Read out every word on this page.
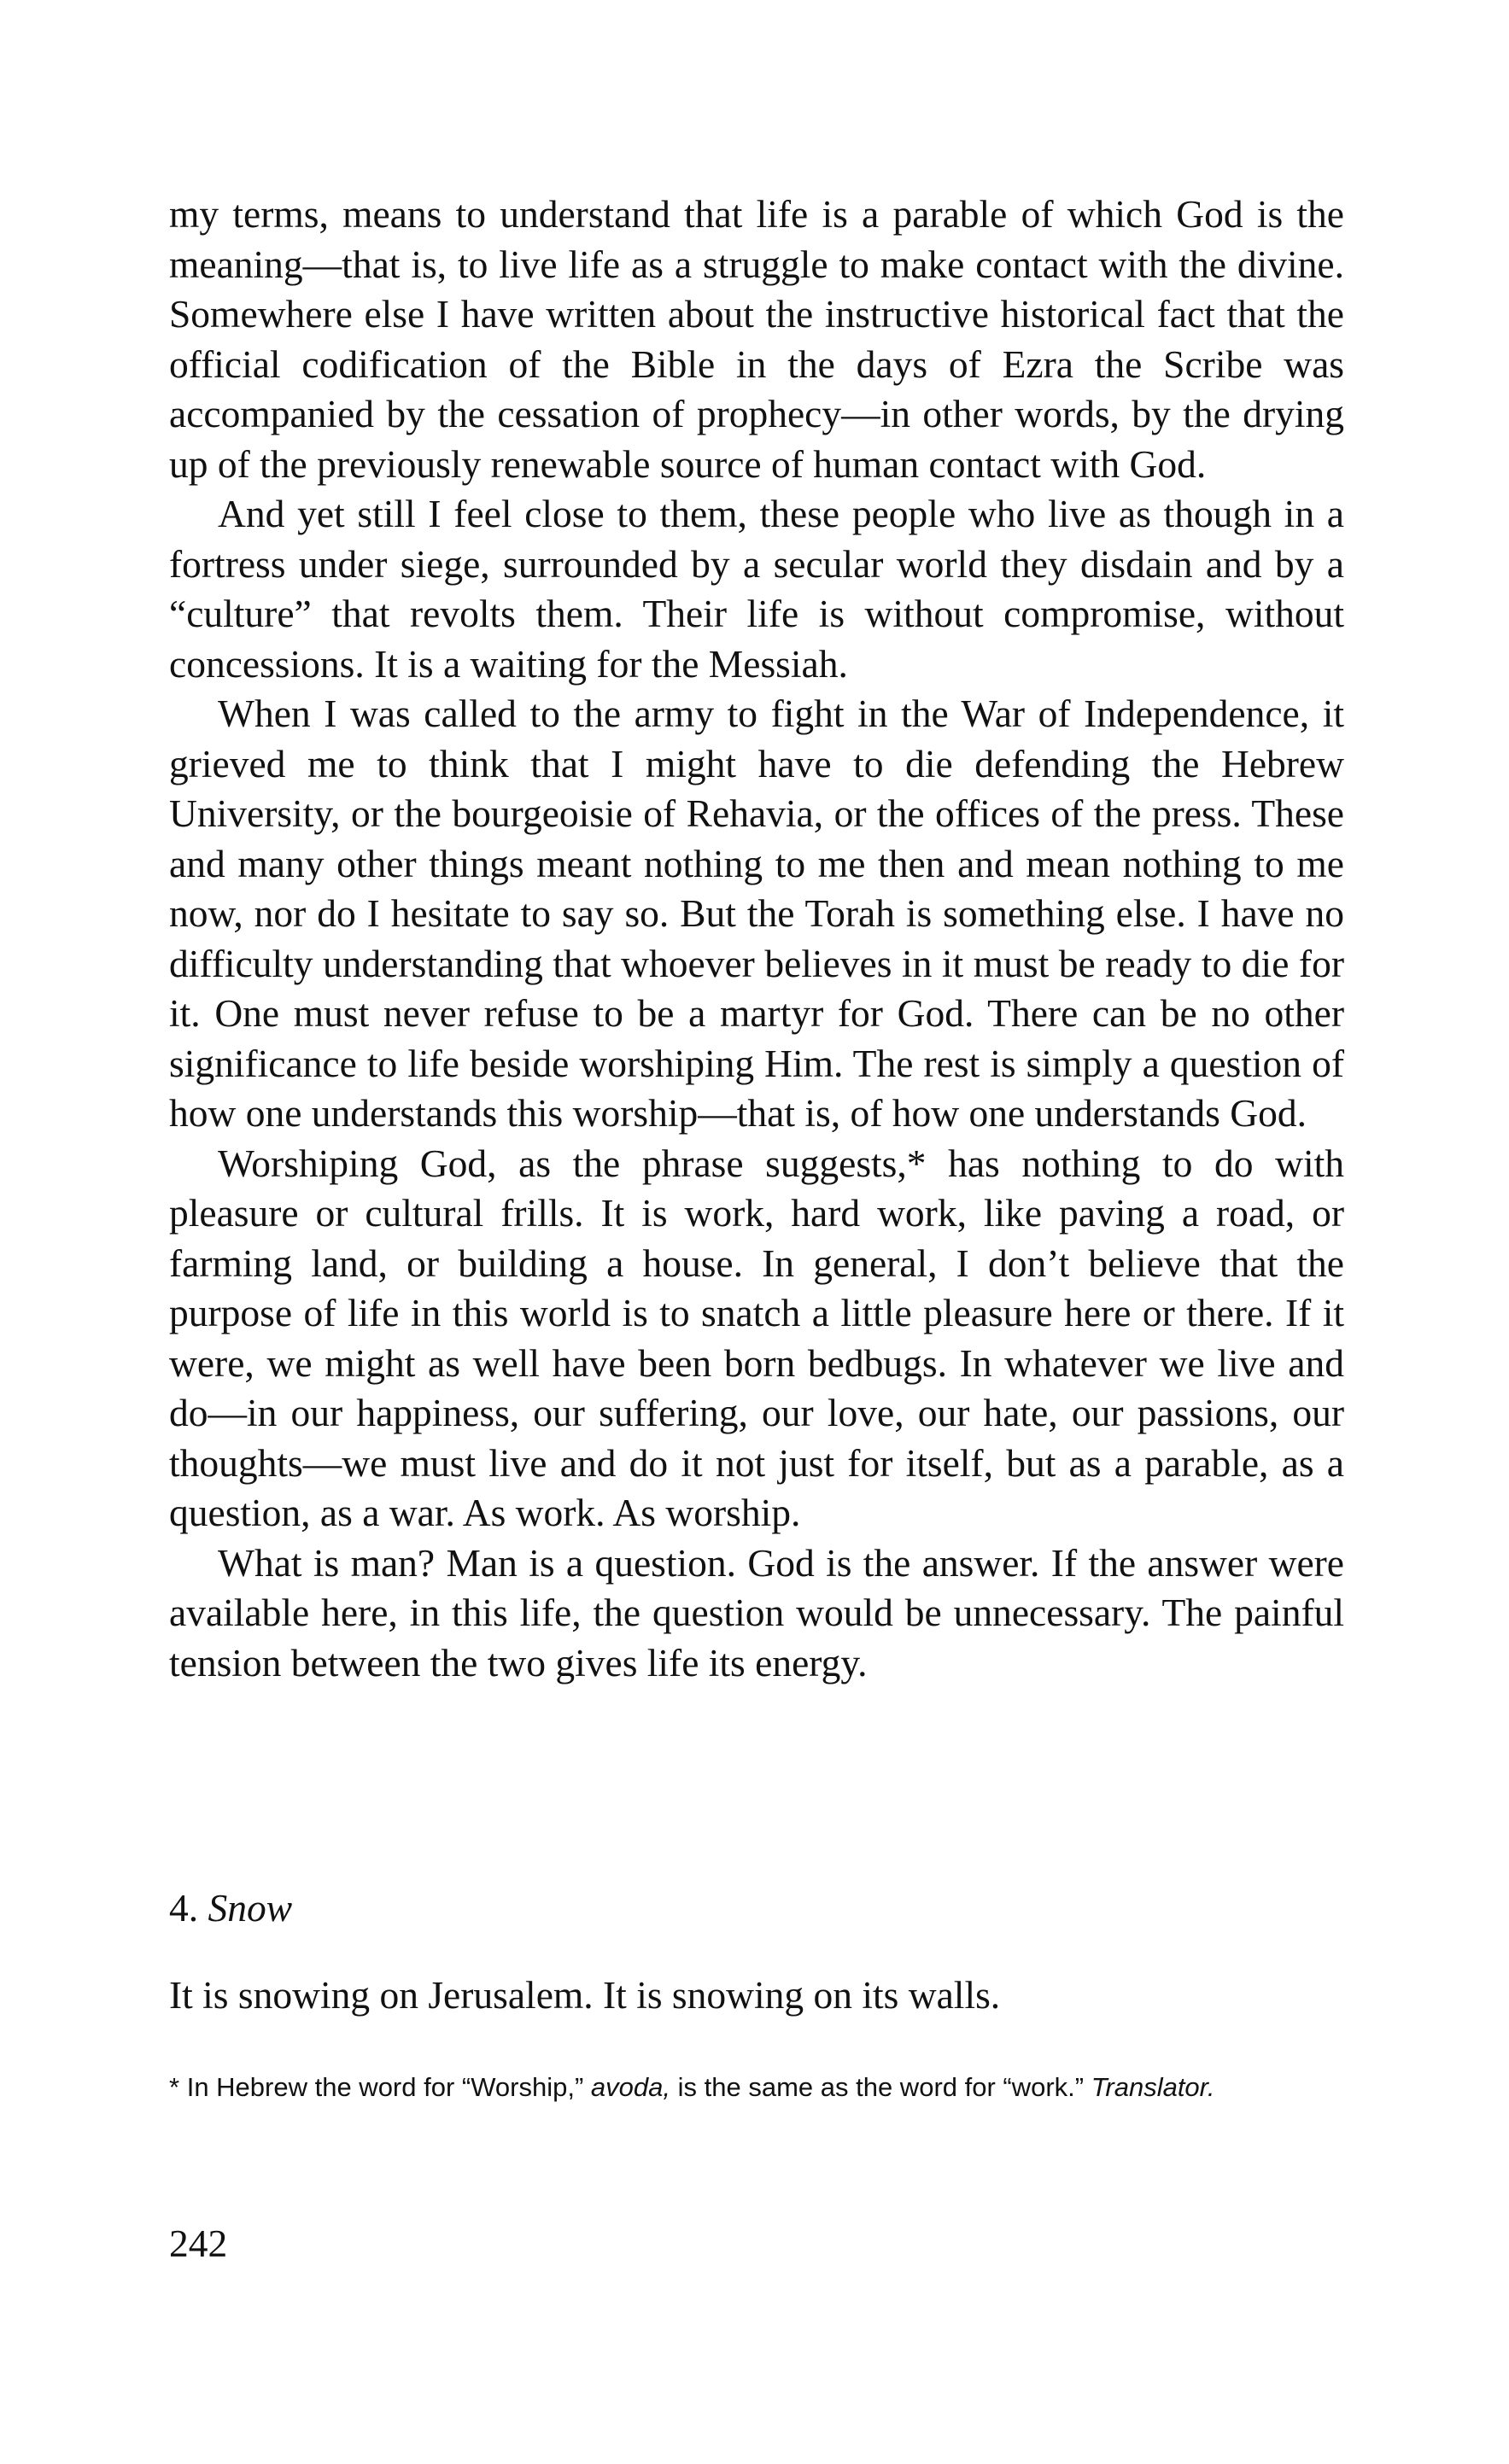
my terms, means to understand that life is a parable of which God is the meaning—that is, to live life as a struggle to make contact with the divine. Somewhere else I have written about the instructive historical fact that the official codification of the Bible in the days of Ezra the Scribe was accompanied by the cessation of prophecy—in other words, by the drying up of the previously renewable source of human contact with God.

And yet still I feel close to them, these people who live as though in a fortress under siege, surrounded by a secular world they disdain and by a “culture” that revolts them. Their life is without compromise, without concessions. It is a waiting for the Messiah.

When I was called to the army to fight in the War of Independence, it grieved me to think that I might have to die defending the Hebrew University, or the bourgeoisie of Rehavia, or the offices of the press. These and many other things meant nothing to me then and mean nothing to me now, nor do I hesitate to say so. But the Torah is something else. I have no difficulty understanding that whoever believes in it must be ready to die for it. One must never refuse to be a martyr for God. There can be no other significance to life beside worshiping Him. The rest is simply a question of how one understands this worship—that is, of how one understands God.

Worshiping God, as the phrase suggests,* has nothing to do with pleasure or cultural frills. It is work, hard work, like paving a road, or farming land, or building a house. In general, I don’t believe that the purpose of life in this world is to snatch a little pleasure here or there. If it were, we might as well have been born bedbugs. In whatever we live and do—in our happiness, our suffering, our love, our hate, our passions, our thoughts—we must live and do it not just for itself, but as a parable, as a question, as a war. As work. As worship.

What is man? Man is a question. God is the answer. If the answer were available here, in this life, the question would be unnecessary. The painful tension between the two gives life its energy.

4. Snow
It is snowing on Jerusalem. It is snowing on its walls.
* In Hebrew the word for “Worship,” avoda, is the same as the word for “work.” Translator.
242
